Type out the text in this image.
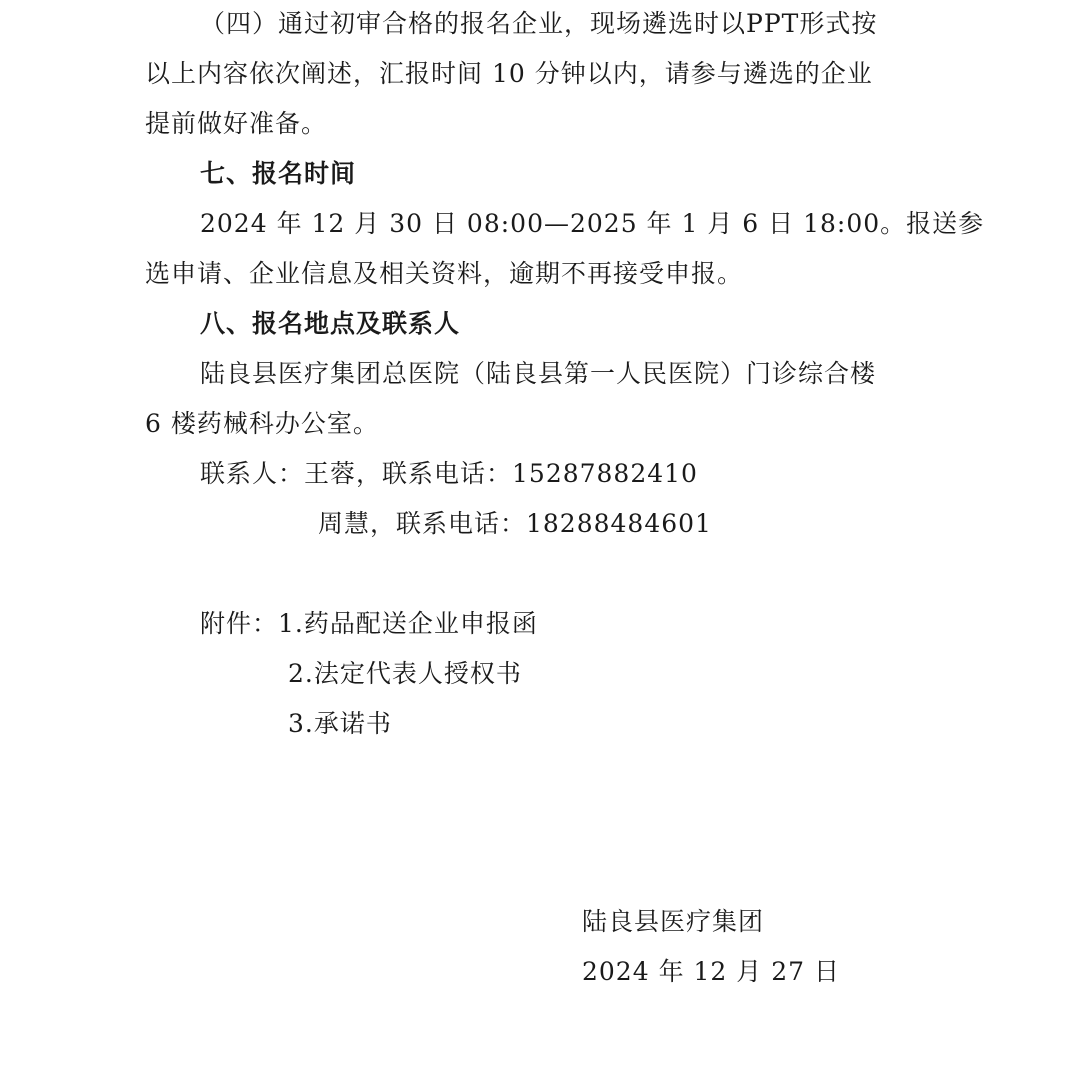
（四）通过初审合格的报名企业，现场遴选时以PPT形式按
以上内容依次阐述，汇报时间 10 分钟以内，请参与遴选的企业
提前做好准备。
七、报名时间
2024 年 12 月 30 日 08:00—2025 年 1 月 6 日 18:00。报送参
选申请、企业信息及相关资料，逾期不再接受申报。
八、报名地点及联系人
陆良县医疗集团总医院（陆良县第一人民医院）门诊综合楼
6 楼药械科办公室。
联系人：王蓉，联系电话：15287882410
周慧，联系电话：18288484601
附件：1.药品配送企业申报函
2.法定代表人授权书
3.承诺书
陆良县医疗集团
2024 年 12 月 27 日
